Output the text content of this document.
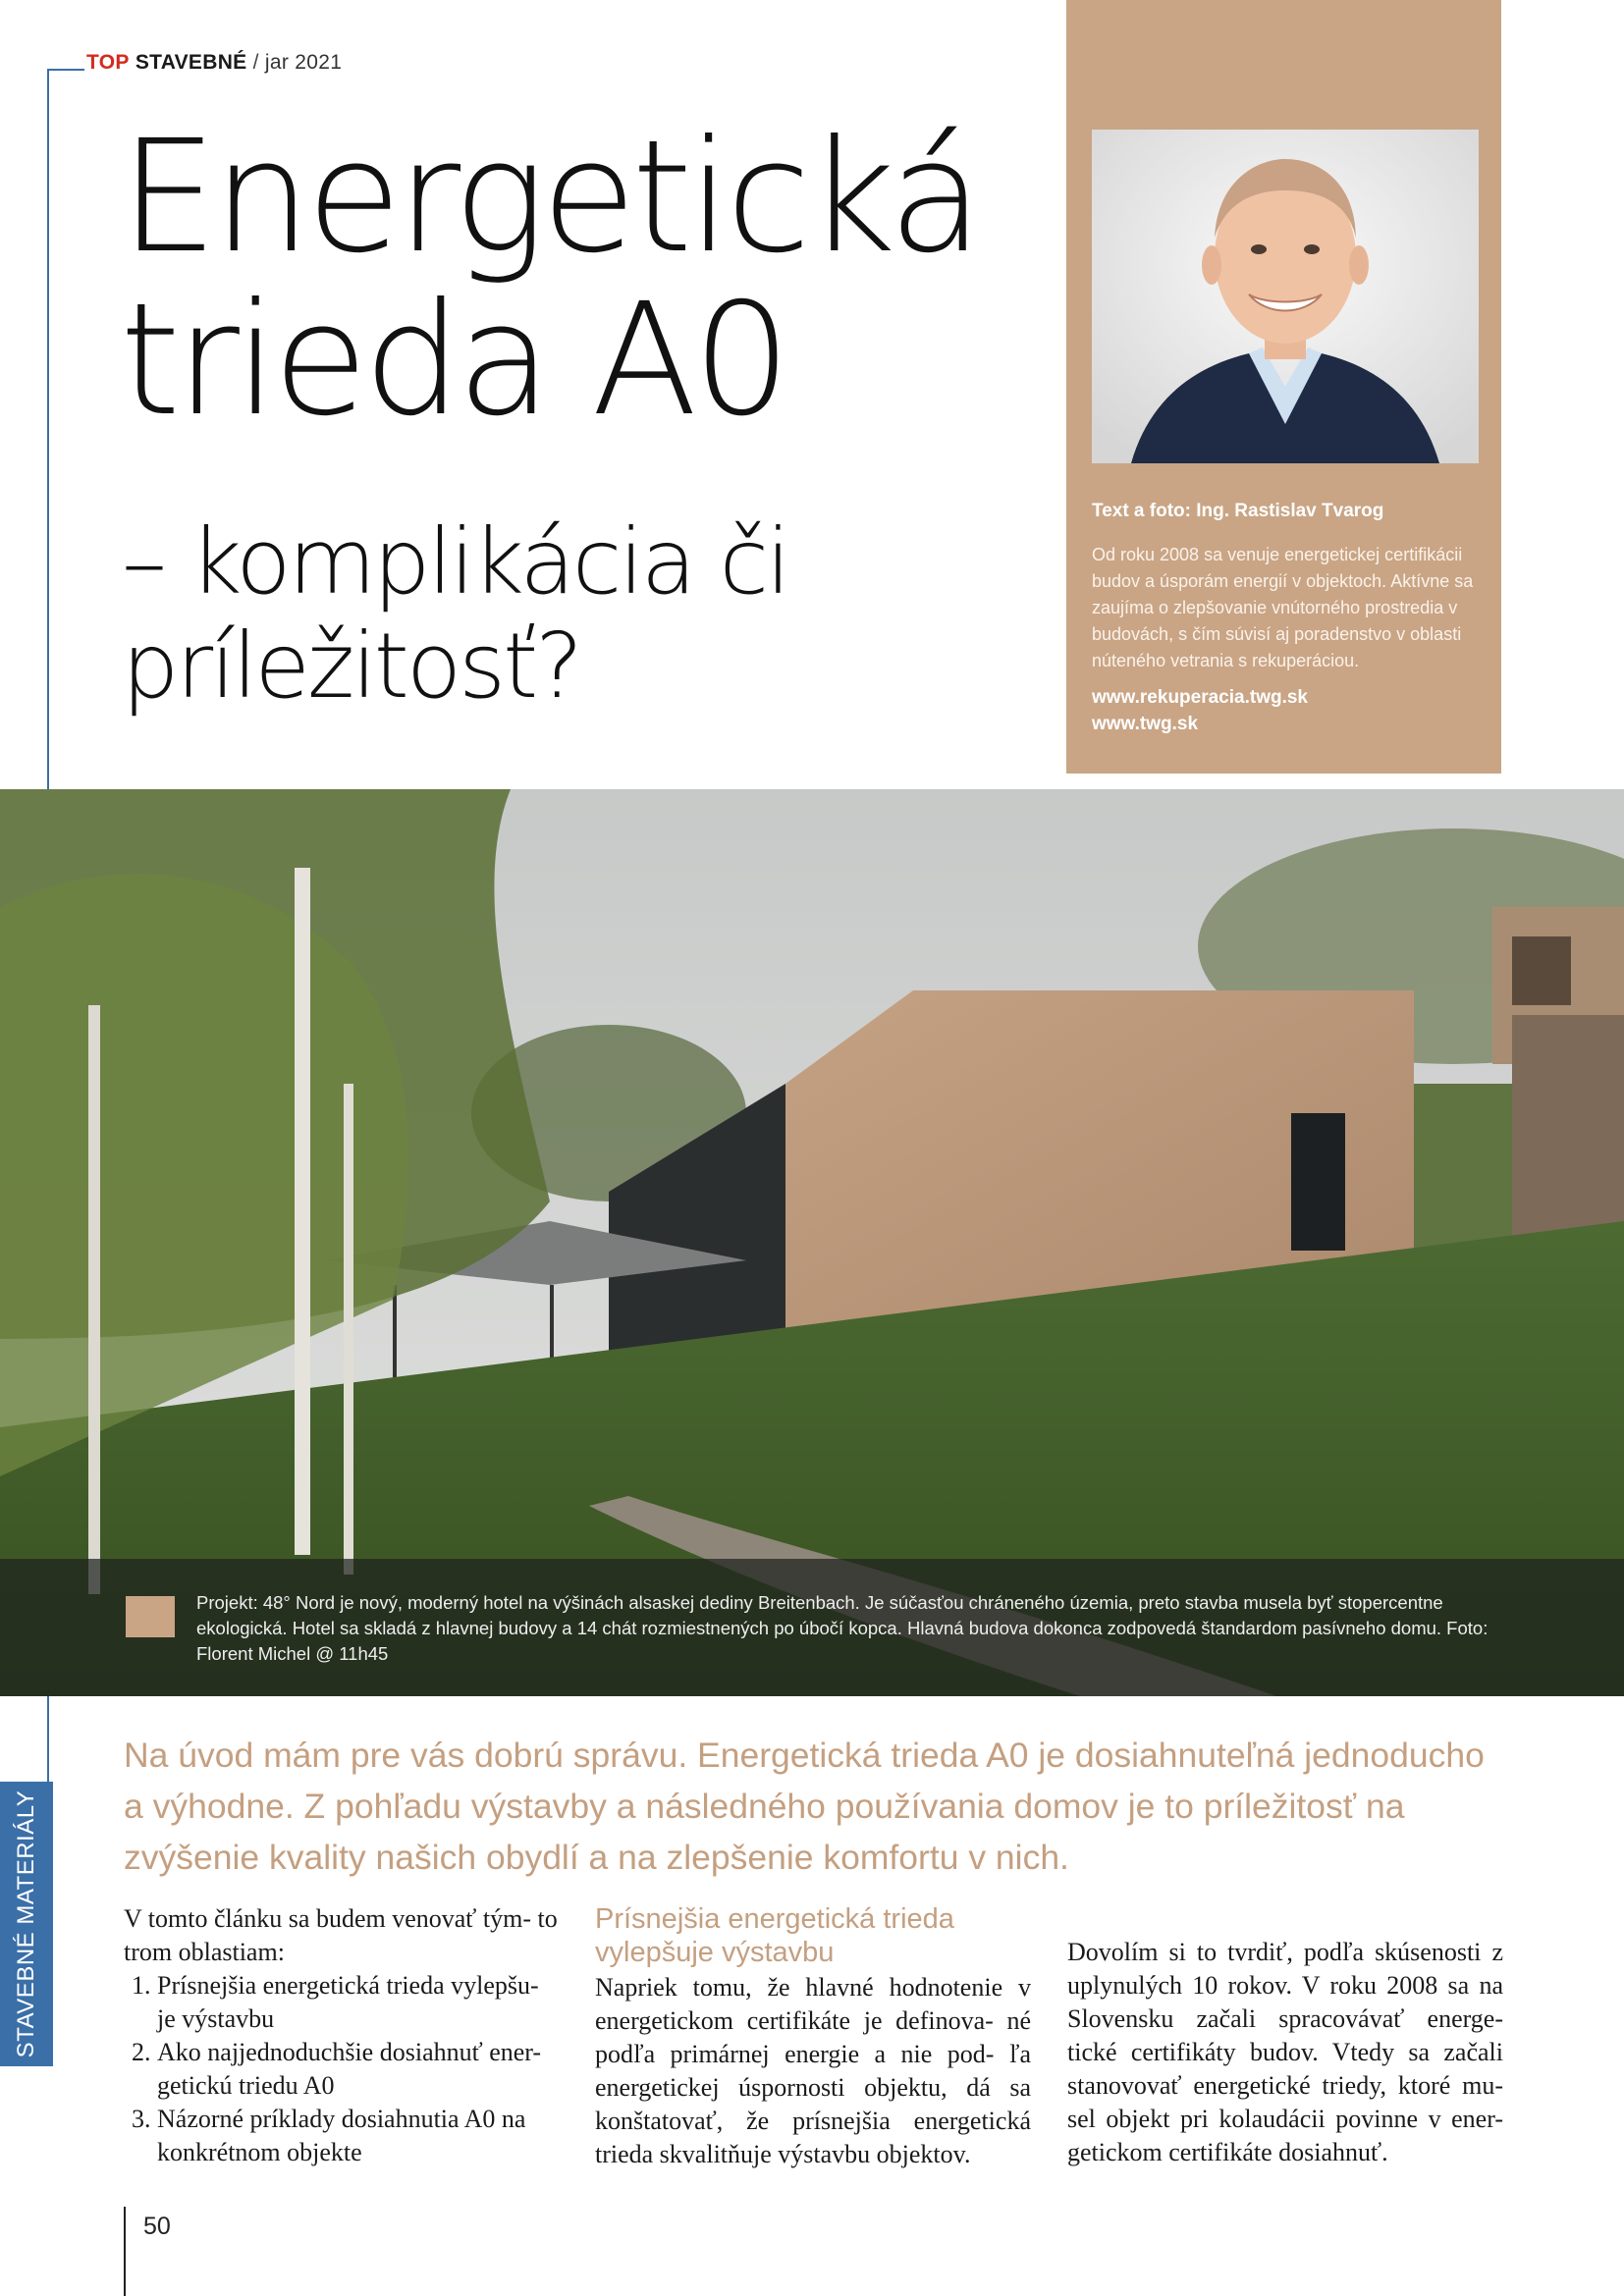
TOP STAVEBNÉ / jar 2021
Energetická trieda A0
– komplikácia či príležitosť?
Text a foto: Ing. Rastislav Tvarog

Od roku 2008 sa venuje energetickej certifikácii budov a úsporám energií v objektoch. Aktívne sa zaujíma o zlepšovanie vnútorného prostredia v budovách, s čím súvisí aj poradenstvo v oblasti núteného vetrania s rekuperáciou.

www.rekuperacia.twg.sk
www.twg.sk

Projekt: 48° Nord je nový, moderný hotel na výšinách alsaskej dediny Breitenbach. Je súčasťou chráneného územia, preto stavba musela byť stopercentne ekologická. Hotel sa skladá z hlavnej budovy a 14 chát rozmiestnených po úbočí kopca. Hlavná budova dokonca zodpovedá štandardom pasívneho domu. Foto: Florent Michel @ 11h45

STAVEBNÉ MATERIÁLY

Na úvod mám pre vás dobrú správu. Energetická trieda A0 je dosiahnuteľná jednoducho a výhodne. Z pohľadu výstavby a následného používania domov je to príležitosť na zvýšenie kvality našich obydlí a na zlepšenie komfortu v nich.

V tomto článku sa budem venovať tým- to trom oblastiam:

1. Prísnejšia energetická trieda vylepšu- je výstavbu
2. Ako najjednoduchšie dosiahnuť ener- getickú triedu A0
3. Názorné príklady dosiahnutia A0 na konkrétnom objekte
Prísnejšia energetická trieda vylepšuje výstavbu

Napriek tomu, že hlavné hodnotenie v energetickom certifikáte je definova- né podľa primárnej energie a nie pod- ľa energetickej úspornosti objektu, dá sa konštatovať, že prísnejšia energetická trieda skvalitňuje výstavbu objektov.

Dovolím si to tvrdiť, podľa skúsenosti z uplynulých 10 rokov. V roku 2008 sa na Slovensku začali spracovávať energe- tické certifikáty budov. Vtedy sa začali stanovovať energetické triedy, ktoré mu- sel objekt pri kolaudácii povinne v ener- getickom certifikáte dosiahnuť.

50
